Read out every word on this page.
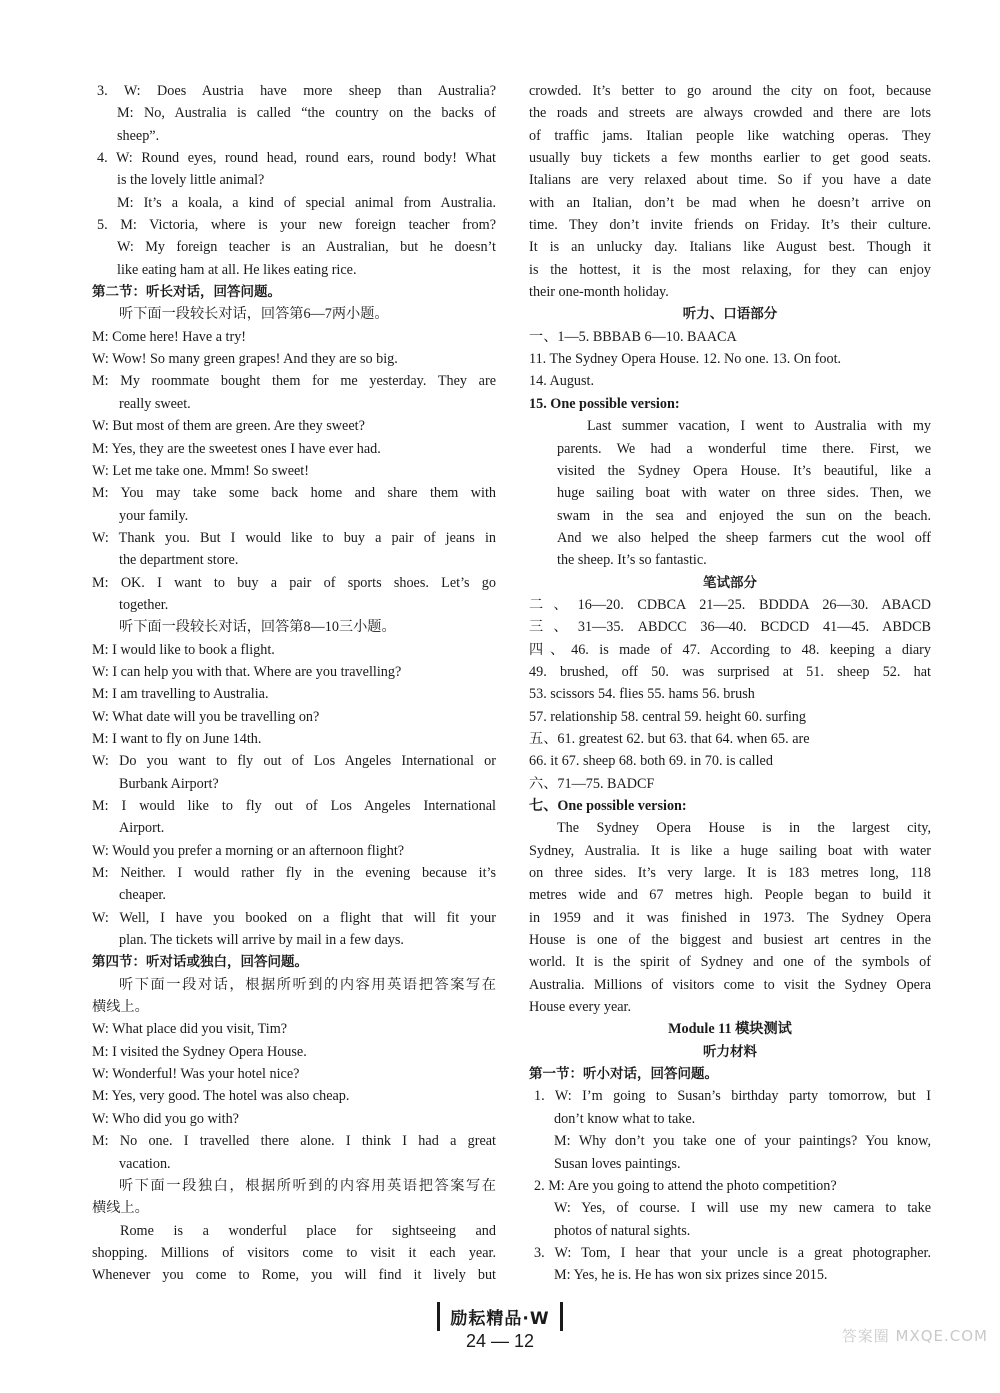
3. W: Does Austria have more sheep than Australia?
M: No, Australia is called “the country on the backs of
sheep”.
4. W: Round eyes, round head, round ears, round body! What
is the lovely little animal?
M: It’s a koala, a kind of special animal from Australia.
5. M: Victoria, where is your new foreign teacher from?
W: My foreign teacher is an Australian, but he doesn’t
like eating ham at all. He likes eating rice.
第二节：听长对话，回答问题。
听下面一段较长对话，回答第6—7两小题。
M: Come here! Have a try!
W: Wow! So many green grapes! And they are so big.
M: My roommate bought them for me yesterday. They are
really sweet.
W: But most of them are green. Are they sweet?
M: Yes, they are the sweetest ones I have ever had.
W: Let me take one. Mmm! So sweet!
M: You may take some back home and share them with
your family.
W: Thank you. But I would like to buy a pair of jeans in
the department store.
M: OK. I want to buy a pair of sports shoes. Let’s go
together.
听下面一段较长对话，回答第8—10三小题。
M: I would like to book a flight.
W: I can help you with that. Where are you travelling?
M: I am travelling to Australia.
W: What date will you be travelling on?
M: I want to fly on June 14th.
W: Do you want to fly out of Los Angeles International or
Burbank Airport?
M: I would like to fly out of Los Angeles International
Airport.
W: Would you prefer a morning or an afternoon flight?
M: Neither. I would rather fly in the evening because it’s
cheaper.
W: Well, I have you booked on a flight that will fit your
plan. The tickets will arrive by mail in a few days.
第四节：听对话或独白，回答问题。
听下面一段对话，根据所听到的内容用英语把答案写在
横线上。
W: What place did you visit, Tim?
M: I visited the Sydney Opera House.
W: Wonderful! Was your hotel nice?
M: Yes, very good. The hotel was also cheap.
W: Who did you go with?
M: No one. I travelled there alone. I think I had a great
vacation.
听下面一段独白，根据所听到的内容用英语把答案写在
横线上。
Rome is a wonderful place for sightseeing and
shopping. Millions of visitors come to visit it each year.
Whenever you come to Rome, you will find it lively but
crowded. It’s better to go around the city on foot, because
the roads and streets are always crowded and there are lots
of traffic jams. Italian people like watching operas. They
usually buy tickets a few months earlier to get good seats.
Italians are very relaxed about time. So if you have a date
with an Italian, don’t be mad when he doesn’t arrive on
time. They don’t invite friends on Friday. It’s their culture.
It is an unlucky day. Italians like August best. Though it
is the hottest, it is the most relaxing, for they can enjoy
their one-month holiday.
听力、口语部分
一、1—5. BBBAB 6—10. BAACA
11. The Sydney Opera House. 12. No one. 13. On foot.
14. August.
15. One possible version:
Last summer vacation, I went to Australia with my
parents. We had a wonderful time there. First, we
visited the Sydney Opera House. It’s beautiful, like a
huge sailing boat with water on three sides. Then, we
swam in the sea and enjoyed the sun on the beach.
And we also helped the sheep farmers cut the wool off
the sheep. It’s so fantastic.
笔试部分
二、16—20. CDBCA 21—25. BDDDA 26—30. ABACD
三、31—35. ABDCC 36—40. BCDCD 41—45. ABDCB
四、46. is made of 47. According to 48. keeping a diary
49. brushed, off 50. was surprised at 51. sheep 52. hat
53. scissors 54. flies 55. hams 56. brush
57. relationship 58. central 59. height 60. surfing
五、61. greatest 62. but 63. that 64. when 65. are
66. it 67. sheep 68. both 69. in 70. is called
六、71—75. BADCF
七、One possible version:
The Sydney Opera House is in the largest city,
Sydney, Australia. It is like a huge sailing boat with water
on three sides. It’s very large. It is 183 metres long, 118
metres wide and 67 metres high. People began to build it
in 1959 and it was finished in 1973. The Sydney Opera
House is one of the biggest and busiest art centres in the
world. It is the spirit of Sydney and one of the symbols of
Australia. Millions of visitors come to visit the Sydney Opera
House every year.
Module 11 模块测试
听力材料
第一节：听小对话，回答问题。
1. W: I’m going to Susan’s birthday party tomorrow, but I
don’t know what to take.
M: Why don’t you take one of your paintings? You know,
Susan loves paintings.
2. M: Are you going to attend the photo competition?
W: Yes, of course. I will use my new camera to take
photos of natural sights.
3. W: Tom, I hear that your uncle is a great photographer.
M: Yes, he is. He has won six prizes since 2015.
励耘精品·W
24 — 12	答案圈 MXQE.COM
